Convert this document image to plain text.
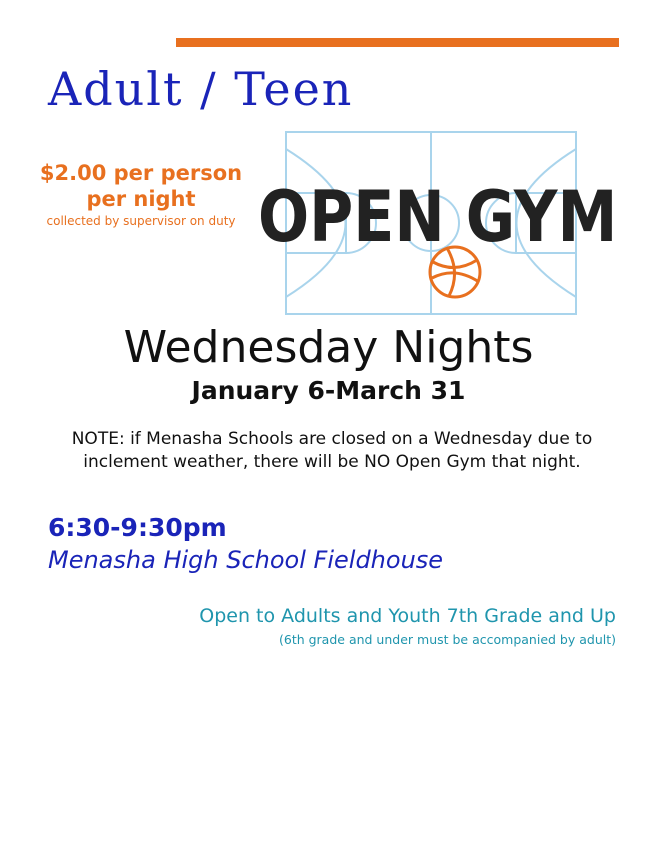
Adult / Teen
$2.00 per person
per night
collected by supervisor on duty OPEN GYM
Wednesday Nights
January 6-March 31
NOTE: if Menasha Schools are closed on a Wednesday due to inclement weather, there will be NO Open Gym that night.
6:30-9:30pm
Menasha High School Fieldhouse
Open to Adults and Youth 7th Grade and Up
(6th grade and under must be accompanied by adult)
